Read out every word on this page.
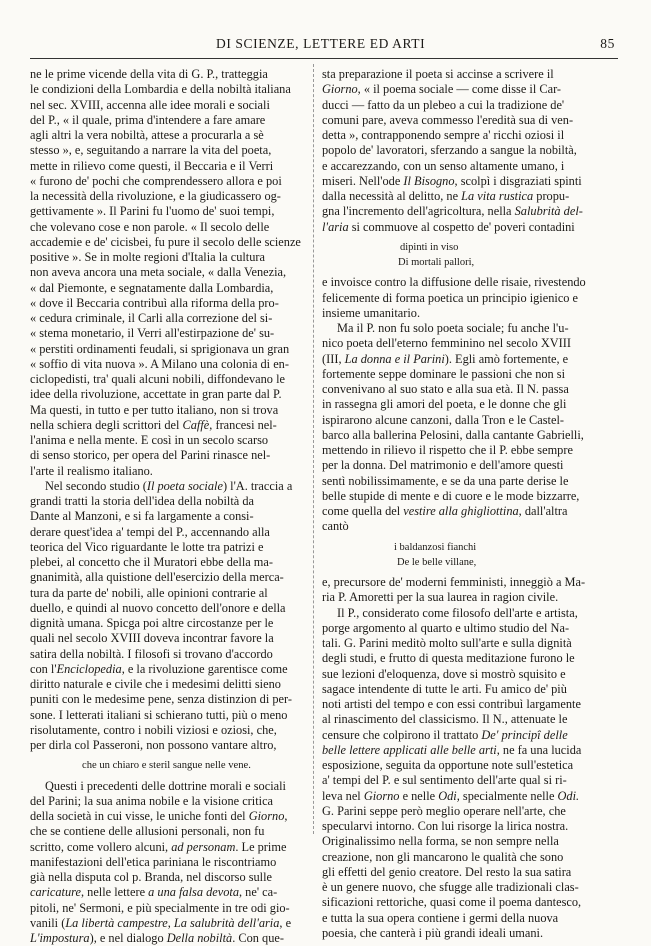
DI SCIENZE, LETTERE ED ARTI	85
ne le prime vicende della vita di G. P., tratteggia
le condizioni della Lombardia e della nobiltà italiana
nel sec. XVIII, accenna alle idee morali e sociali
del P., « il quale, prima d'intendere a fare amare
agli altri la vera nobiltà, attese a procurarla a sè
stesso », e, seguitando a narrare la vita del poeta,
mette in rilievo come questi, il Beccaria e il Verri
« furono de' pochi che comprendessero allora e poi
la necessità della rivoluzione, e la giudicassero og-
gettivamente ». Il Parini fu l'uomo de' suoi tempi,
che volevano cose e non parole. « Il secolo delle
accademie e de' cicisbei, fu pure il secolo delle scienze
positive ». Se in molte regioni d'Italia la cultura
non aveva ancora una meta sociale, « dalla Venezia,
« dal Piemonte, e segnatamente dalla Lombardia,
« dove il Beccaria contribuì alla riforma della pro-
« cedura criminale, il Carli alla correzione del si-
« stema monetario, il Verri all'estirpazione de' su-
« perstiti ordinamenti feudali, si sprigionava un gran
« soffio di vita nuova ». A Milano una colonia di en-
ciclopedisti, tra' quali alcuni nobili, diffondevano le
idee della rivoluzione, accettate in gran parte dal P.
Ma questi, in tutto e per tutto italiano, non si trova
nella schiera degli scrittori del Caffè, francesi nel-
l'anima e nella mente. E così in un secolo scarso
di senso storico, per opera del Parini rinasce nel-
l'arte il realismo italiano.
Nel secondo studio (Il poeta sociale) l'A. traccia a
grandi tratti la storia dell'idea della nobiltà da
Dante al Manzoni, e si fa largamente a consi-
derare quest'idea a' tempi del P., accennando alla
teorica del Vico riguardante le lotte tra patrizi e
plebei, al concetto che il Muratori ebbe della ma-
gnanimità, alla quistione dell'esercizio della merca-
tura da parte de' nobili, alle opinioni contrarie al
duello, e quindi al nuovo concetto dell'onore e della
dignità umana. Spicga poi altre circostanze per le
quali nel secolo XVIII doveva incontrar favore la
satira della nobiltà. I filosofi si trovano d'accordo
con l'Enciclopedia, e la rivoluzione garentisce come
diritto naturale e civile che i medesimi delitti sieno
puniti con le medesime pene, senza distinzion di per-
sone. I letterati italiani si schierano tutti, più o meno
risolutamente, contro i nobili viziosi e oziosi, che,
per dirla col Passeroni, non possono vantare altro,
che un chiaro e steril sangue nelle vene.
Questi i precedenti delle dottrine morali e sociali
del Parini; la sua anima nobile e la visione critica
della società in cui visse, le uniche fonti del Giorno,
che se contiene delle allusioni personali, non fu
scritto, come vollero alcuni, ad personam. Le prime
manifestazioni dell'etica pariniana le riscontriamo
già nella disputa col p. Branda, nel discorso sulle
caricature, nelle lettere a una falsa devota, ne' ca-
pitoli, ne' Sermoni, e più specialmente in tre odi gio-
vanili (La libertà campestre, La salubrità dell'aria, e
L'impostura), e nel dialogo Della nobiltà. Con que-
sta preparazione il poeta si accinse a scrivere il
Giorno, « il poema sociale — come disse il Car-
ducci — fatto da un plebeo a cui la tradizione de'
comuni pare, aveva commesso l'eredità sua di ven-
detta », contrapponendo sempre a' ricchi oziosi il
popolo de' lavoratori, sferzando a sangue la nobiltà,
e accarezzando, con un senso altamente umano, i
miseri. Nell'ode Il Bisogno, scolpì i disgraziati spinti
dalla necessità al delitto, ne La vita rustica propu-
gna l'incremento dell'agricoltura, nella Salubrità del-
l'aria si commuove al cospetto de' poveri contadini
dipinti in viso
Di mortali pallori,
e invoisce contro la diffusione delle risaie, rivestendo
felicemente di forma poetica un principio igienico e
insieme umanitario.
Ma il P. non fu solo poeta sociale; fu anche l'u-
nico poeta dell'eterno femminino nel secolo XVIII
(III, La donna e il Parini). Egli amò fortemente, e
fortemente seppe dominare le passioni che non si
convenivano al suo stato e alla sua età. Il N. passa
in rassegna gli amori del poeta, e le donne che gli
ispirarono alcune canzoni, dalla Tron e le Castel-
barco alla ballerina Pelosini, dalla cantante Gabrielli,
mettendo in rilievo il rispetto che il P. ebbe sempre
per la donna. Del matrimonio e dell'amore questi
sentì nobilissimamente, e se da una parte derise le
belle stupide di mente e di cuore e le mode bizzarre,
come quella del vestire alla ghigliottina, dall'altra
cantò
i baldanzosi fianchi
De le belle villane,
e, precursore de' moderni femministi, inneggiò a Ma-
ria P. Amoretti per la sua laurea in ragion civile.
Il P., considerato come filosofo dell'arte e artista,
porge argomento al quarto e ultimo studio del Na-
tali. G. Parini meditò molto sull'arte e sulla dignità
degli studi, e frutto di questa meditazione furono le
sue lezioni d'eloquenza, dove si mostrò squisito e
sagace intendente di tutte le arti. Fu amico de' più
noti artisti del tempo e con essi contribuì largamente
al rinascimento del classicismo. Il N., attenuate le
censure che colpirono il trattato De' principî delle
belle lettere applicati alle belle arti, ne fa una lucida
esposizione, seguita da opportune note sull'estetica
a' tempi del P. e sul sentimento dell'arte qual si ri-
leva nel Giorno e nelle Odi, specialmente nelle Odi.
G. Parini seppe però meglio operare nell'arte, che
specularvi intorno. Con lui risorge la lirica nostra.
Originalissimo nella forma, se non sempre nella
creazione, non gli mancarono le qualità che sono
gli effetti del genio creatore. Del resto la sua satira
è un genere nuovo, che sfugge alle tradizionali clas-
sificazioni rettoriche, quasi come il poema dantesco,
e tutta la sua opera contiene i germi della nuova
poesia, che canterà i più grandi ideali umani.
